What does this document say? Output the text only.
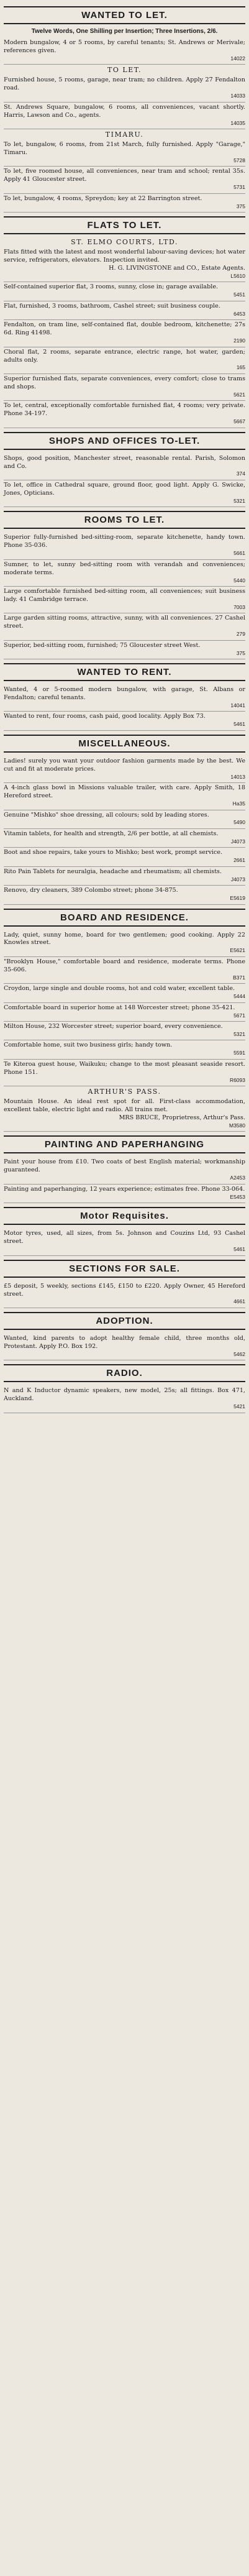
WANTED TO LET.
Twelve Words, One Shilling per Insertion; Three Insertions, 2/6.
Modern bungalow, 4 or 5 rooms, by careful tenants; St. Andrews or Merivale; references given.
14022
TO LET.
Furnished house, 5 rooms, garage, near tram; no children. Apply 27 Fendalton road.
14033
St. Andrews Square, bungalow, 6 rooms, all conveniences, vacant shortly. Harris, Lawson and Co., agents.
14035
TIMARU.
To let, bungalow, 6 rooms, from 21st March, fully furnished. Apply "Garage," Timaru.
5728
To let, five roomed house, all conveniences, near tram and school; rental 35s. Apply 41 Gloucester street.
5731
To let, bungalow, 4 rooms, Spreydon; key at 22 Barrington street.
375
FLATS TO LET.
ST. ELMO COURTS, LTD.
Flats fitted with the latest and most wonderful labour-saving devices; hot water service, refrigerators, elevators. Inspection invited.
H. G. LIVINGSTONE and CO., Estate Agents.
L5610
Self-contained superior flat, 3 rooms, sunny, close in; garage available.
5451
Flat, furnished, 3 rooms, bathroom, Cashel street; suit business couple.
6453
Fendalton, on tram line, self-contained flat, double bedroom, kitchenette; 27s 6d. Ring 41498.
2190
Choral flat, 2 rooms, separate entrance, electric range, hot water, garden; adults only.
165
Superior furnished flats, separate conveniences, every comfort; close to trams and shops.
5621
To let, central, exceptionally comfortable furnished flat, 4 rooms; very private. Phone 34-197.
5667
SHOPS AND OFFICES TO-LET.
Shops, good position, Manchester street, reasonable rental. Parish, Solomon and Co.
374
To let, office in Cathedral square, ground floor, good light. Apply G. Swicke, Jones, Opticians.
5321
ROOMS TO LET.
Superior fully-furnished bed-sitting-room, separate kitchenette, handy town. Phone 35-036.
5661
Sumner, to let, sunny bed-sitting room with verandah and conveniences; moderate terms.
5440
Large comfortable furnished bed-sitting room, all conveniences; suit business lady. 41 Cambridge terrace.
7003
Large garden sitting rooms, attractive, sunny, with all conveniences. 27 Cashel street.
279
Superior, bed-sitting room, furnished; 75 Gloucester street West.
375
WANTED TO RENT.
Wanted, 4 or 5-roomed modern bungalow, with garage, St. Albans or Fendalton; careful tenants.
14041
Wanted to rent, four rooms, cash paid, good locality. Apply Box 73.
5461
MISCELLANEOUS.
Ladies! surely you want your outdoor fashion garments made by the best. We cut and fit at moderate prices.
14013
A 4-inch glass bowl in Missions valuable trailer, with care. Apply Smith, 18 Hereford street.
Ha35
Genuine "Mishko" shoe dressing, all colours; sold by leading stores.
5490
Vitamin tablets, for health and strength, 2/6 per bottle, at all chemists.
J4073
Boot and shoe repairs, take yours to Mishko; best work, prompt service.
2661
Rito Pain Tablets for neuralgia, headache and rheumatism; all chemists.
J4073
Renovo, dry cleaners, 389 Colombo street; phone 34-875.
E5619
BOARD AND RESIDENCE.
Lady, quiet, sunny home, board for two gentlemen; good cooking. Apply 22 Knowles street.
E5621
"Brooklyn House," comfortable board and residence, moderate terms. Phone 35-606.
B371
Croydon, large single and double rooms, hot and cold water, excellent table.
5444
Comfortable board in superior home at 148 Worcester street; phone 35-421.
5671
Milton House, 232 Worcester street; superior board, every convenience.
5321
Comfortable home, suit two business girls; handy town.
5591
Te Kiteroa guest house, Waikuku; change to the most pleasant seaside resort. Phone 151.
R6093
ARTHUR'S PASS.
Mountain House. An ideal rest spot for all. First-class accommodation, excellent table, electric light and radio. All trains met.
MRS BRUCE, Proprietress, Arthur's Pass.
M3580
PAINTING AND PAPERHANGING
Paint your house from £10. Two coats of best English material; workmanship guaranteed.
A2453
Painting and paperhanging, 12 years experience; estimates free. Phone 33-064.
E5453
Motor Requisites.
Motor tyres, used, all sizes, from 5s. Johnson and Couzins Ltd, 93 Cashel street.
5461
SECTIONS FOR SALE.
£5 deposit, 5 weekly, sections £145, £150 to £220. Apply Owner, 45 Hereford street.
4661
ADOPTION.
Wanted, kind parents to adopt healthy female child, three months old, Protestant. Apply P.O. Box 192.
5462
RADIO.
N and K Inductor dynamic speakers, new model, 25s; all fittings. Box 471, Auckland.
5421
